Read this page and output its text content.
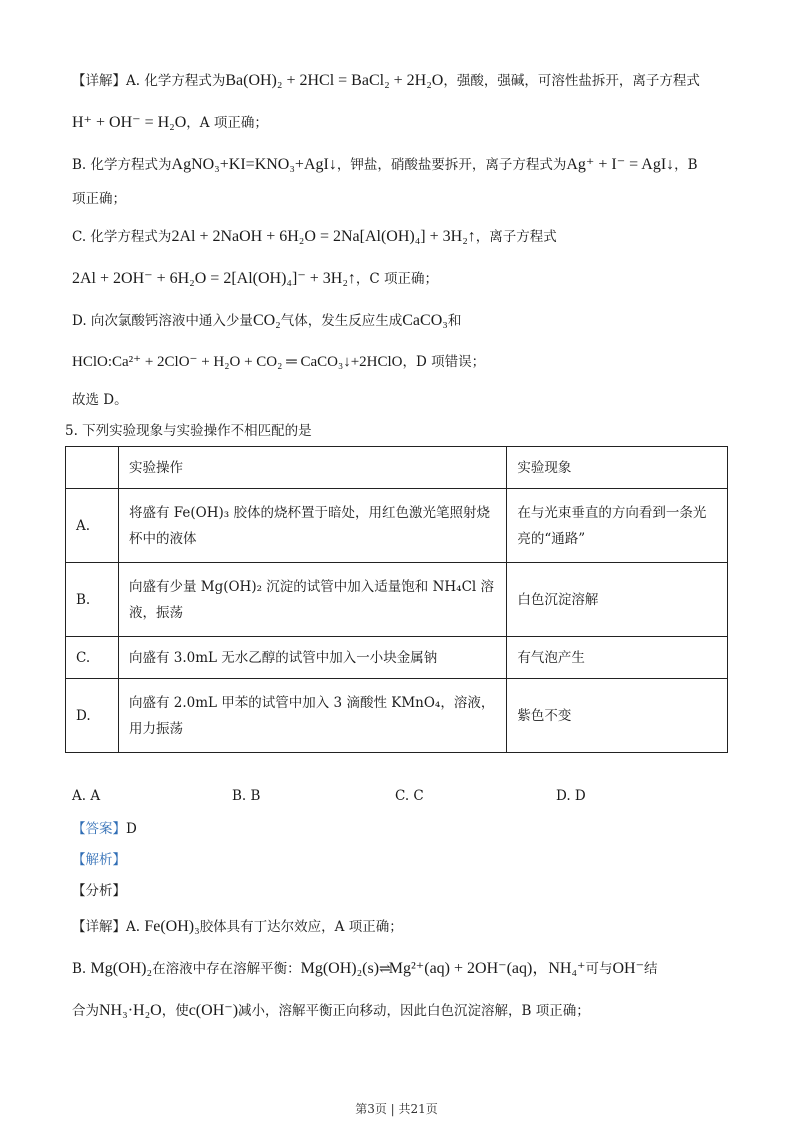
【详解】A. 化学方程式为Ba(OH)₂ + 2HCl = BaCl₂ + 2H₂O，强酸，强碱，可溶性盐拆开，离子方程式
H⁺ + OH⁻ = H₂O，A 项正确；
B. 化学方程式为AgNO₃+KI=KNO₃+AgI↓，钾盐，硝酸盐要拆开，离子方程式为Ag⁺ + I⁻ = AgI↓，B
项正确；
C. 化学方程式为2Al + 2NaOH + 6H₂O = 2Na[Al(OH)₄] + 3H₂↑，离子方程式
2Al + 2OH⁻ + 6H₂O = 2[Al(OH)₄]⁻ + 3H₂↑，C 项正确；
D. 向次氯酸钙溶液中通入少量CO₂气体，发生反应生成CaCO₃和
HClO:Ca²⁺ + 2ClO⁻ + H₂O + CO₂ ═ CaCO₃↓+2HClO，D 项错误；
故选 D。
5. 下列实验现象与实验操作不相匹配的是
	实验操作	实验现象
A.	将盛有 Fe(OH)₃ 胶体的烧杯置于暗处，用红色激光笔照射烧杯中的液体	在与光束垂直的方向看到一条光亮的“通路”
B.	向盛有少量 Mg(OH)₂ 沉淀的试管中加入适量饱和 NH₄Cl 溶液，振荡	白色沉淀溶解
C.	向盛有 3.0mL 无水乙醇的试管中加入一小块金属钠	有气泡产生
D.	向盛有 2.0mL 甲苯的试管中加入 3 滴酸性 KMnO₄，溶液，用力振荡	紫色不变
A. A	B. B	C. C	D. D
【答案】D
【解析】
【分析】
【详解】A. Fe(OH)₃胶体具有丁达尔效应，A 项正确；
B. Mg(OH)₂在溶液中存在溶解平衡：Mg(OH)₂(s)⇌Mg²⁺(aq) + 2OH⁻(aq)，NH₄⁺可与OH⁻结
合为NH₃·H₂O，使c(OH⁻)减小，溶解平衡正向移动，因此白色沉淀溶解，B 项正确；
第3页 | 共21页
